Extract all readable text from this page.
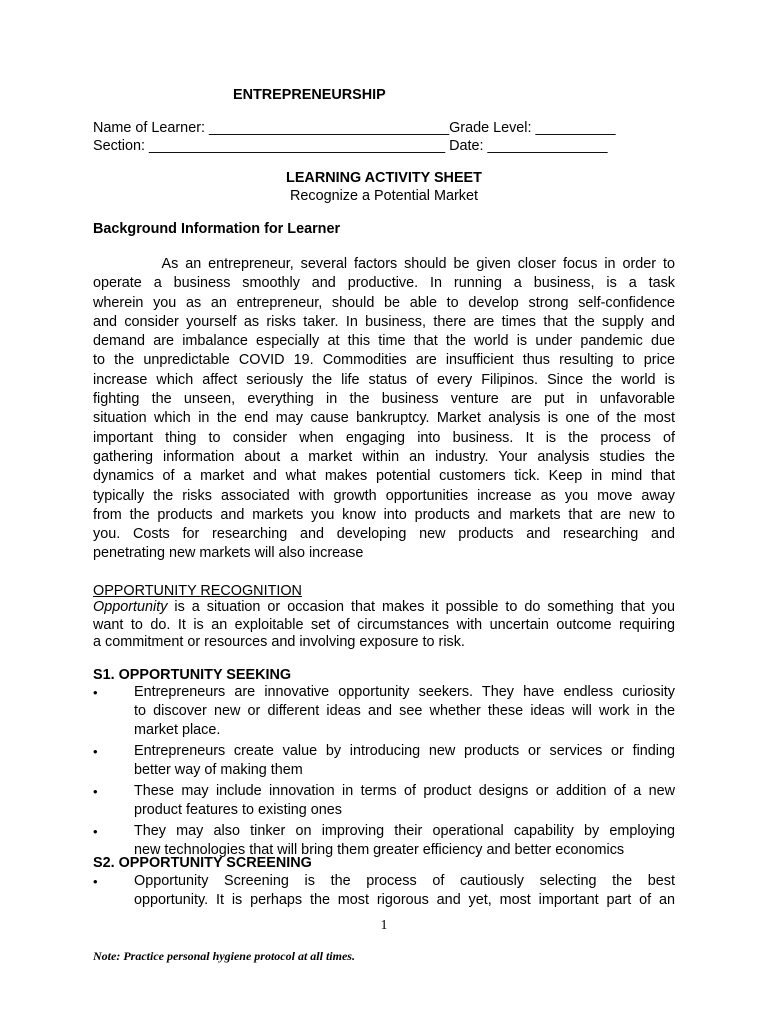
ENTREPRENEURSHIP
Name of Learner: ______________________________Grade Level: __________
Section: _____________________________________ Date: _______________
LEARNING ACTIVITY SHEET
Recognize a Potential Market
Background Information for Learner
As an entrepreneur, several factors should be given closer focus in order to
operate a business smoothly and productive. In running a business, is a task
wherein you as an entrepreneur, should be able to develop strong self-confidence
and consider yourself as risks taker. In business, there are times that the supply and
demand are imbalance especially at this time that the world is under pandemic due
to the unpredictable COVID 19. Commodities are insufficient thus resulting to price
increase which affect seriously the life status of every Filipinos. Since the world is
fighting the unseen, everything in the business venture are put in unfavorable
situation which in the end may cause bankruptcy. Market analysis is one of the most
important thing to consider when engaging into business. It is the process of
gathering information about a market within an industry. Your analysis studies the
dynamics of a market and what makes potential customers tick. Keep in mind that
typically the risks associated with growth opportunities increase as you move away
from the products and markets you know into products and markets that are new to
you. Costs for researching and developing new products and researching and
penetrating new markets will also increase
OPPORTUNITY RECOGNITION
Opportunity is a situation or occasion that makes it possible to do something that you
want to do. It is an exploitable set of circumstances with uncertain outcome requiring
a commitment or resources and involving exposure to risk.
S1. OPPORTUNITY SEEKING
•	Entrepreneurs are innovative opportunity seekers. They have endless curiosity
to discover new or different ideas and see whether these ideas will work in the
market place.
•	Entrepreneurs create value by introducing new products or services or finding
better way of making them
•	These may include innovation in terms of product designs or addition of a new
product features to existing ones
•	They may also tinker on improving their operational capability by employing
new technologies that will bring them greater efficiency and better economics
S2. OPPORTUNITY SCREENING
•	Opportunity Screening is the process of cautiously selecting the best
opportunity. It is perhaps the most rigorous and yet, most important part of an
1
Note: Practice personal hygiene protocol at all times.
